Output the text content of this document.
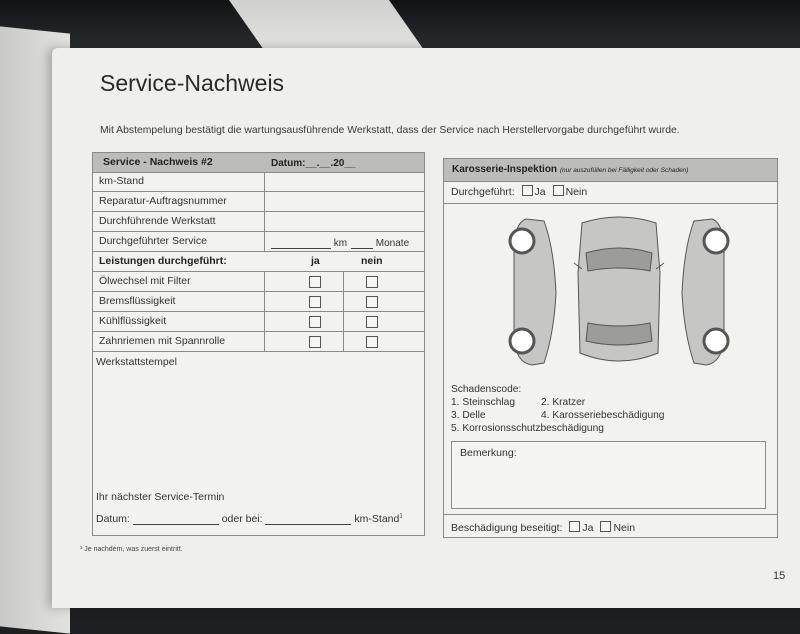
Service-Nachweis
Mit Abstempelung bestätigt die wartungsausführende Werkstatt, dass der Service nach Herstellervorgabe durchgeführt wurde.
Service - Nachweis #2	Datum:__.__.20__
km-Stand
Reparatur-Auftragsnummer
Durchführende Werkstatt
Durchgeführter Service	km	Monate
Leistungen durchgeführt:	ja	nein
Ölwechsel mit Filter
Bremsflüssigkeit
Kühlflüssigkeit
Zahnriemen mit Spannrolle
Werkstattstempel
Ihr nächster Service-Termin
Datum:	oder bei:	km-Stand$^1$
Karosserie-Inspektion (nur auszufüllen bei Fälligkeit oder Schaden)
Durchgeführt: Ja Nein
Schadenscode:
1. Steinschlag	2. Kratzer
3. Delle	4. Karosseriebeschädigung
5. Korrosionsschutzbeschädigung
Bemerkung:
Beschädigung beseitigt: Ja Nein
¹ Je nachdem, was zuerst eintritt.
15
